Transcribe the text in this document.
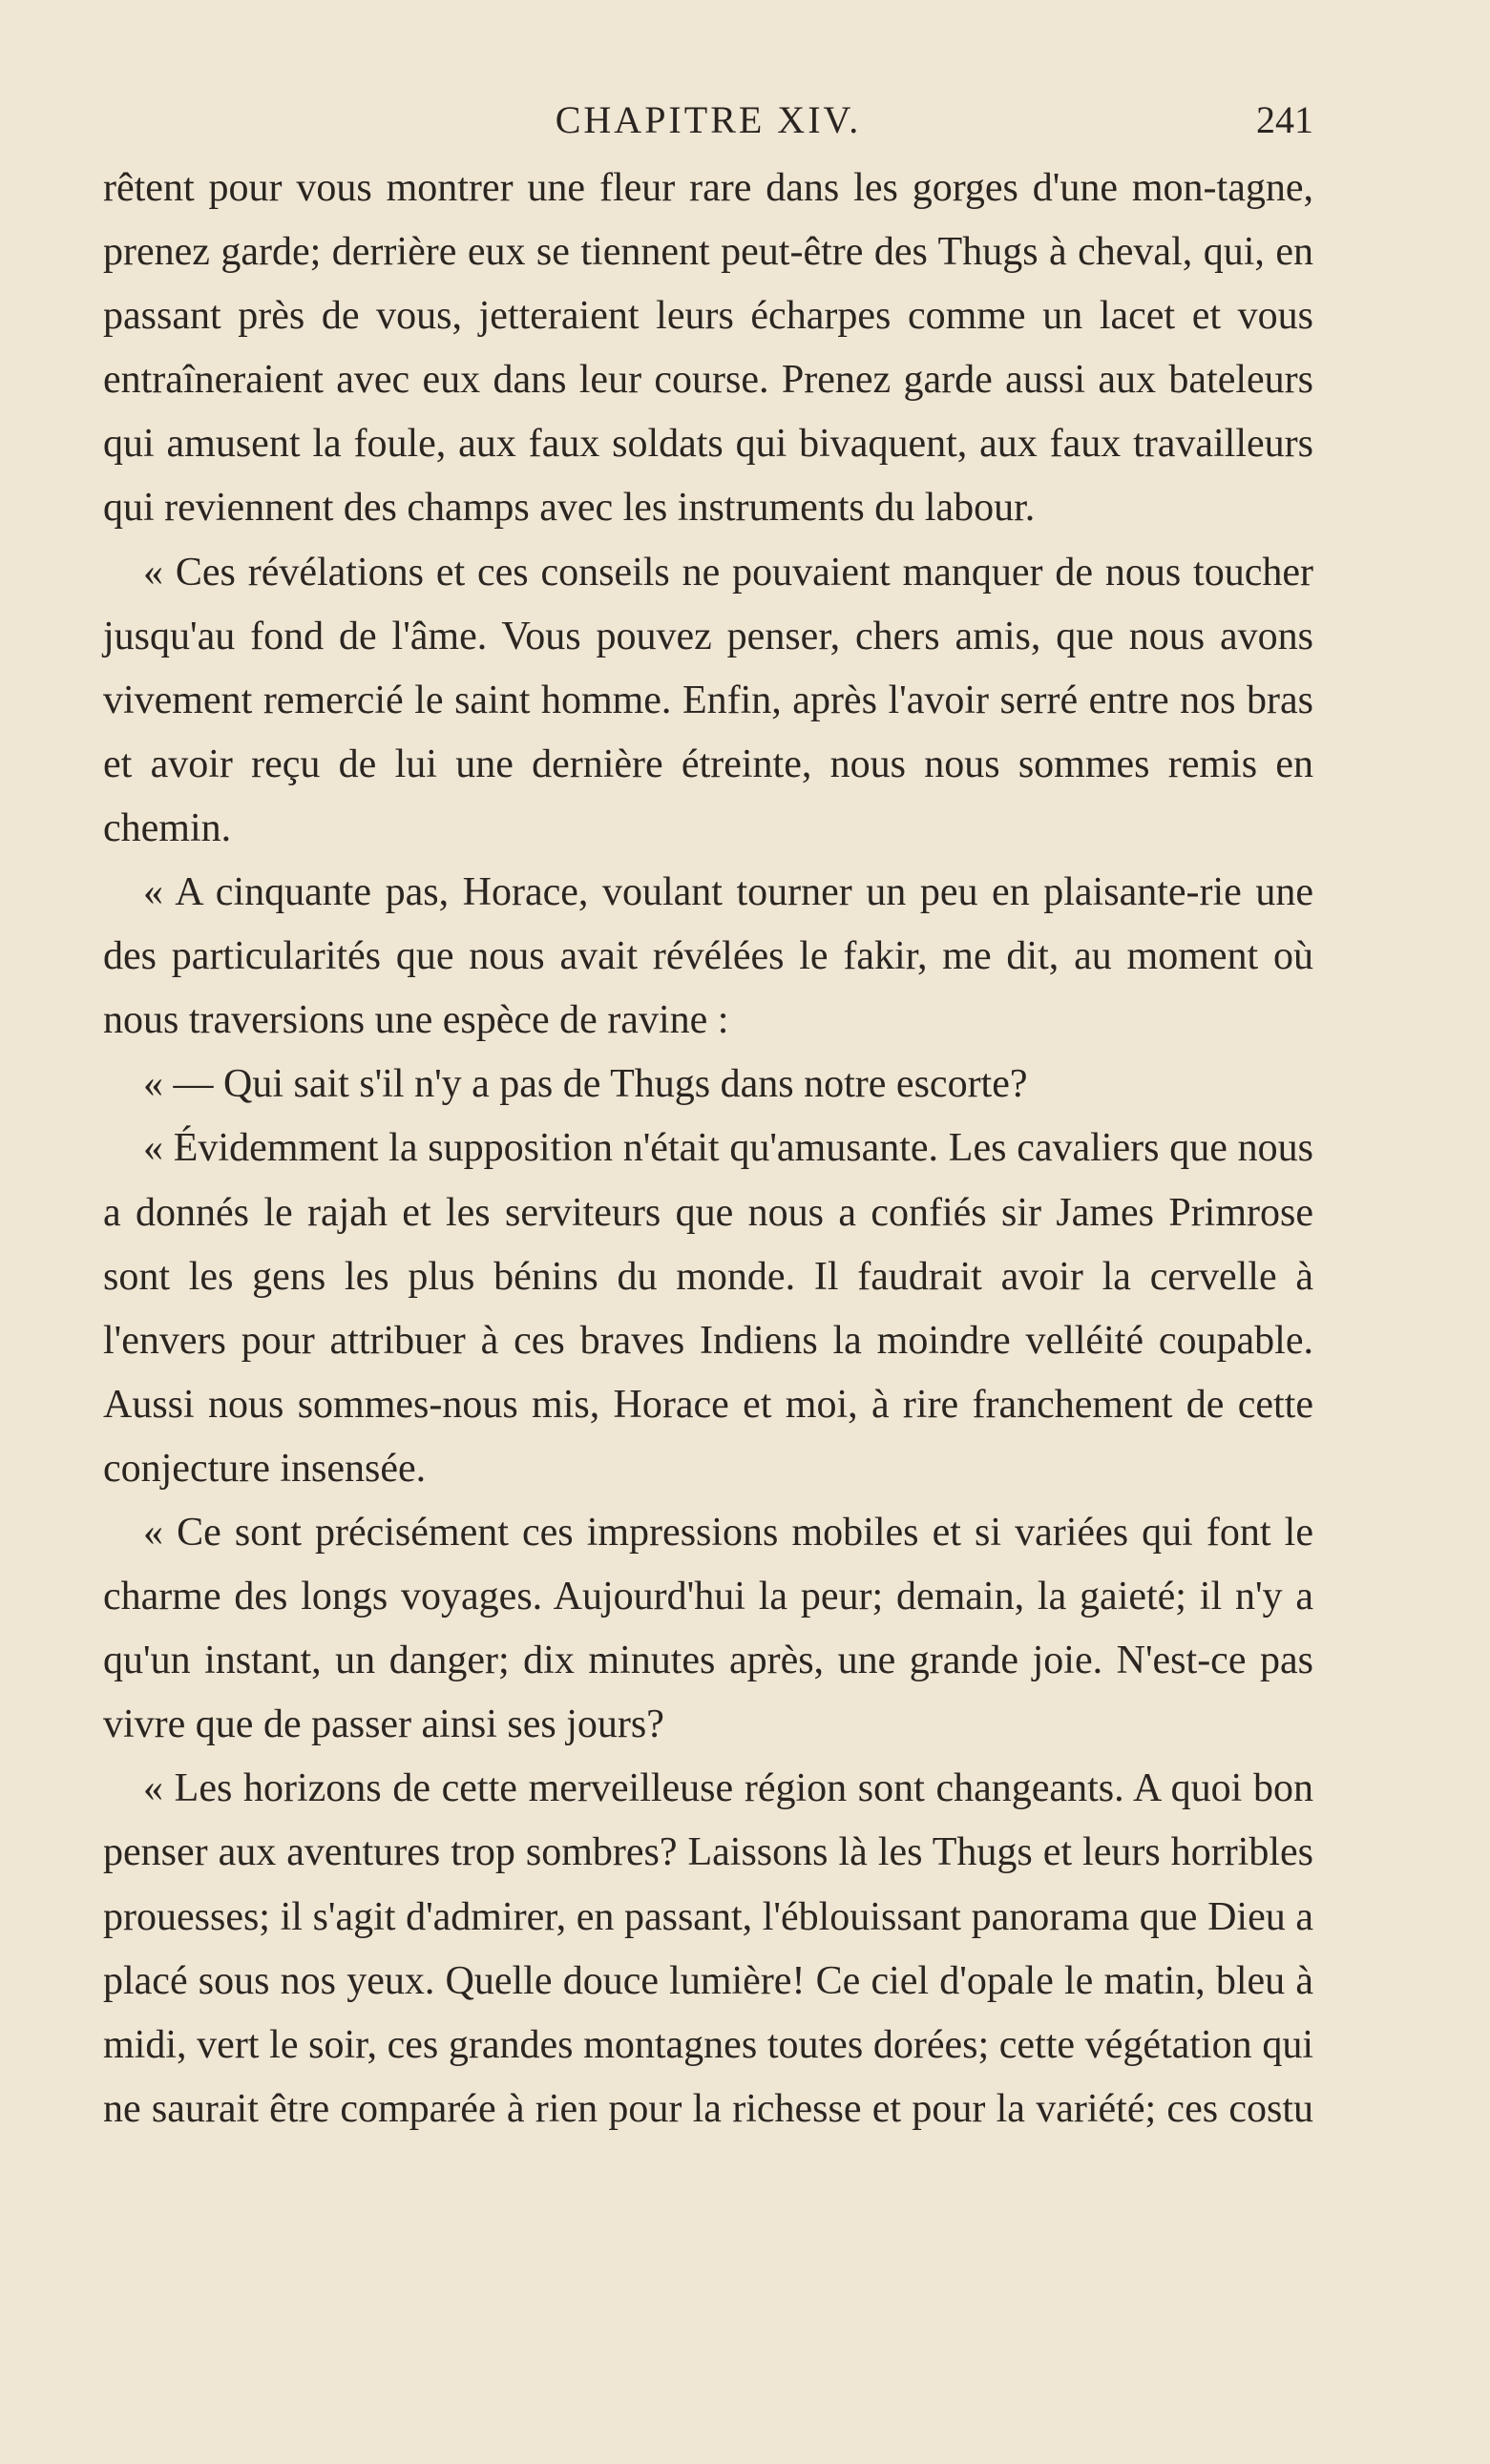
CHAPITRE XIV.	241

rêtent pour vous montrer une fleur rare dans les gorges d'une mon-tagne, prenez garde; derrière eux se tiennent peut-être des Thugs à cheval, qui, en passant près de vous, jetteraient leurs écharpes comme un lacet et vous entraîneraient avec eux dans leur course. Prenez garde aussi aux bateleurs qui amusent la foule, aux faux soldats qui bivaquent, aux faux travailleurs qui reviennent des champs avec les instruments du labour.

« Ces révélations et ces conseils ne pouvaient manquer de nous toucher jusqu'au fond de l'âme. Vous pouvez penser, chers amis, que nous avons vivement remercié le saint homme. Enfin, après l'avoir serré entre nos bras et avoir reçu de lui une dernière étreinte, nous nous sommes remis en chemin.

« A cinquante pas, Horace, voulant tourner un peu en plaisante-rie une des particularités que nous avait révélées le fakir, me dit, au moment où nous traversions une espèce de ravine :

« — Qui sait s'il n'y a pas de Thugs dans notre escorte?

« Évidemment la supposition n'était qu'amusante. Les cavaliers que nous a donnés le rajah et les serviteurs que nous a confiés sir James Primrose sont les gens les plus bénins du monde. Il faudrait avoir la cervelle à l'envers pour attribuer à ces braves Indiens la moindre velléité coupable. Aussi nous sommes-nous mis, Horace et moi, à rire franchement de cette conjecture insensée.

« Ce sont précisément ces impressions mobiles et si variées qui font le charme des longs voyages. Aujourd'hui la peur; demain, la gaieté; il n'y a qu'un instant, un danger; dix minutes après, une grande joie. N'est-ce pas vivre que de passer ainsi ses jours?

« Les horizons de cette merveilleuse région sont changeants. A quoi bon penser aux aventures trop sombres? Laissons là les Thugs et leurs horribles prouesses; il s'agit d'admirer, en passant, l'éblouissant panorama que Dieu a placé sous nos yeux. Quelle douce lumière! Ce ciel d'opale le matin, bleu à midi, vert le soir, ces grandes montagnes toutes dorées; cette végétation qui ne saurait être comparée à rien pour la richesse et pour la variété; ces costu
